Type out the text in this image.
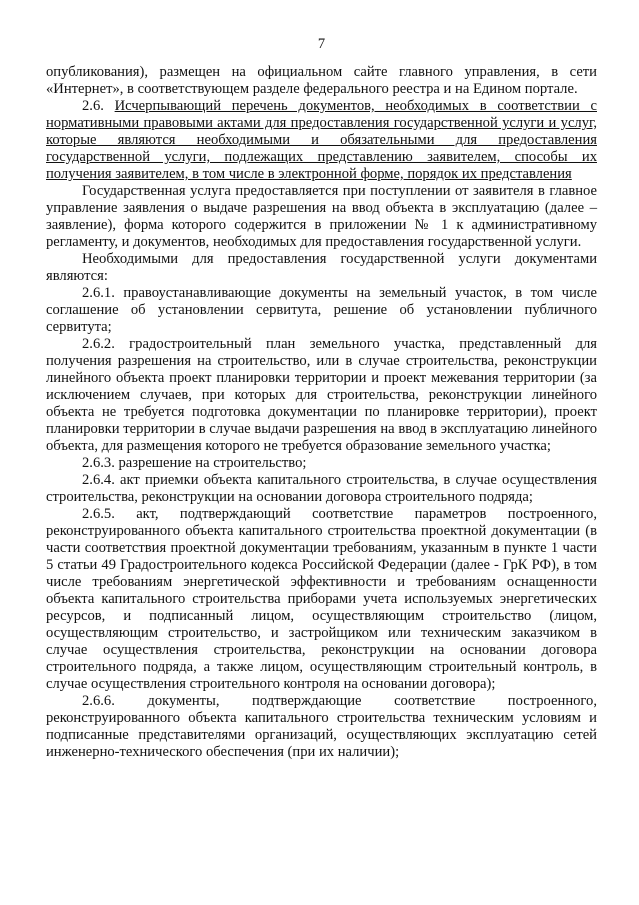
7

опубликования), размещен на официальном сайте главного управления, в сети «Интернет», в соответствующем разделе федерального реестра и на Едином портале.

2.6. Исчерпывающий перечень документов, необходимых в соответствии с нормативными правовыми актами для предоставления государственной услуги и услуг, которые являются необходимыми и обязательными для предоставления государственной услуги, подлежащих представлению заявителем, способы их получения заявителем, в том числе в электронной форме, порядок их представления

Государственная услуга предоставляется при поступлении от заявителя в главное управление заявления о выдаче разрешения на ввод объекта в эксплуатацию (далее – заявление), форма которого содержится в приложении № 1 к административному регламенту, и документов, необходимых для предоставления государственной услуги.

Необходимыми для предоставления государственной услуги документами являются:

2.6.1. правоустанавливающие документы на земельный участок, в том числе соглашение об установлении сервитута, решение об установлении публичного сервитута;

2.6.2. градостроительный план земельного участка, представленный для получения разрешения на строительство, или в случае строительства, реконструкции линейного объекта проект планировки территории и проект межевания территории (за исключением случаев, при которых для строительства, реконструкции линейного объекта не требуется подготовка документации по планировке территории), проект планировки территории в случае выдачи разрешения на ввод в эксплуатацию линейного объекта, для размещения которого не требуется образование земельного участка;

2.6.3. разрешение на строительство;

2.6.4. акт приемки объекта капитального строительства, в случае осуществления строительства, реконструкции на основании договора строительного подряда;

2.6.5. акт, подтверждающий соответствие параметров построенного, реконструированного объекта капитального строительства проектной документации (в части соответствия проектной документации требованиям, указанным в пункте 1 части 5 статьи 49 Градостроительного кодекса Российской Федерации (далее - ГрК РФ), в том числе требованиям энергетической эффективности и требованиям оснащенности объекта капитального строительства приборами учета используемых энергетических ресурсов, и подписанный лицом, осуществляющим строительство (лицом, осуществляющим строительство, и застройщиком или техническим заказчиком в случае осуществления строительства, реконструкции на основании договора строительного подряда, а также лицом, осуществляющим строительный контроль, в случае осуществления строительного контроля на основании договора);

2.6.6. документы, подтверждающие соответствие построенного, реконструированного объекта капитального строительства техническим условиям и подписанные представителями организаций, осуществляющих эксплуатацию сетей инженерно-технического обеспечения (при их наличии);
